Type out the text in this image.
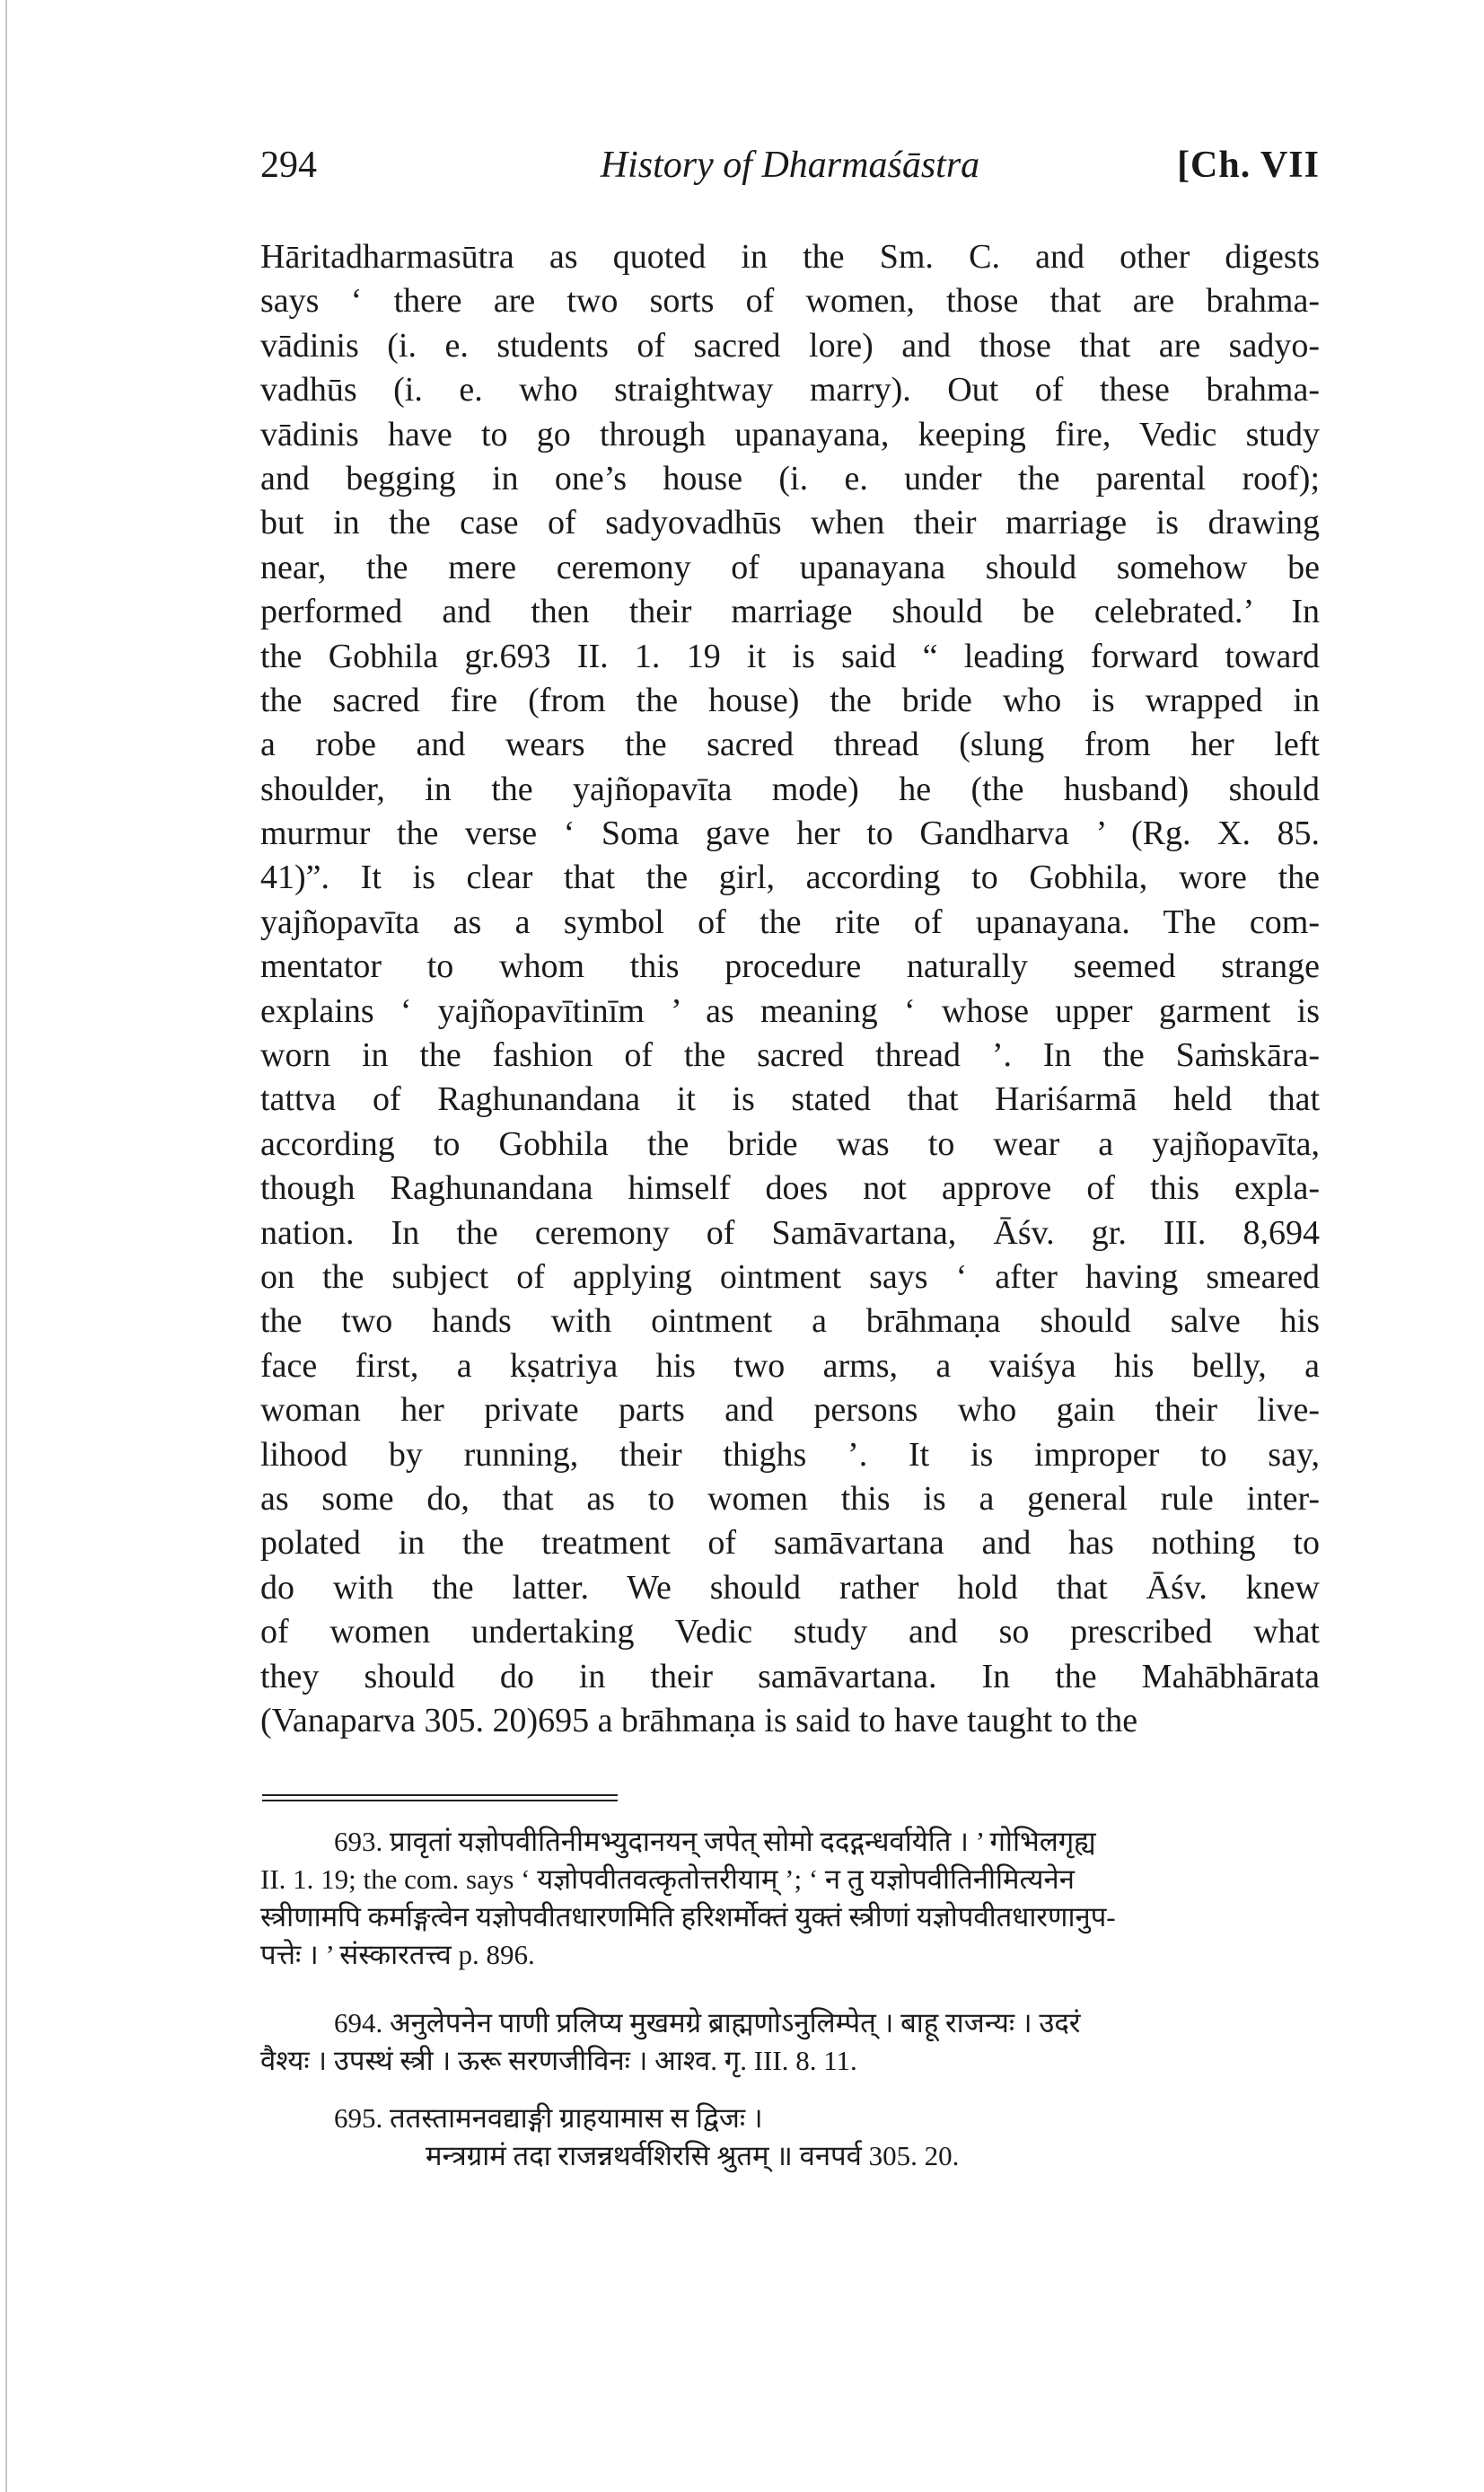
294	History of Dharmaśāstra	[Ch. VII
Hāritadharmasūtra as quoted in the Sm. C. and other digests
says ‘ there are two sorts of women, those that are brahma-
vādinis (i. e. students of sacred lore) and those that are sadyo-
vadhūs (i. e. who straightway marry). Out of these brahma-
vādinis have to go through upanayana, keeping fire, Vedic study
and begging in one’s house (i. e. under the parental roof);
but in the case of sadyovadhūs when their marriage is drawing
near, the mere ceremony of upanayana should somehow be
performed and then their marriage should be celebrated.’ In
the Gobhila gr.693 II. 1. 19 it is said “ leading forward toward
the sacred fire (from the house) the bride who is wrapped in
a robe and wears the sacred thread (slung from her left
shoulder, in the yajñopavīta mode) he (the husband) should
murmur the verse ‘ Soma gave her to Gandharva ’ (Rg. X. 85.
41)”. It is clear that the girl, according to Gobhila, wore the
yajñopavīta as a symbol of the rite of upanayana. The com-
mentator to whom this procedure naturally seemed strange
explains ‘ yajñopavītinīm ’ as meaning ‘ whose upper garment is
worn in the fashion of the sacred thread ’. In the Saṁskāra-
tattva of Raghunandana it is stated that Hariśarmā held that
according to Gobhila the bride was to wear a yajñopavīta,
though Raghunandana himself does not approve of this expla-
nation. In the ceremony of Samāvartana, Āśv. gr. III. 8,694
on the subject of applying ointment says ‘ after having smeared
the two hands with ointment a brāhmaṇa should salve his
face first, a kṣatriya his two arms, a vaiśya his belly, a
woman her private parts and persons who gain their live-
lihood by running, their thighs ’. It is improper to say,
as some do, that as to women this is a general rule inter-
polated in the treatment of samāvartana and has nothing to
do with the latter. We should rather hold that Āśv. knew
of women undertaking Vedic study and so prescribed what
they should do in their samāvartana. In the Mahābhārata
(Vanaparva 305. 20)695 a brāhmaṇa is said to have taught to the
693. प्रावृतां यज्ञोपवीतिनीमभ्युदानयन् जपेत् सोमो ददद्गन्धर्वायेति । ’ गोभिलगृह्य
II. 1. 19; the com. says ‘ यज्ञोपवीतवत्कृतोत्तरीयाम् ’; ‘ न तु यज्ञोपवीतिनीमित्यनेन
स्त्रीणामपि कर्माङ्गत्वेन यज्ञोपवीतधारणमिति हरिशर्मोक्तं युक्तं स्त्रीणां यज्ञोपवीतधारणानुप-
पत्तेः । ’ संस्कारतत्त्व p. 896.
694. अनुलेपनेन पाणी प्रलिप्य मुखमग्रे ब्राह्मणोऽनुलिम्पेत् । बाहू राजन्यः । उदरं
वैश्यः । उपस्थं स्त्री । ऊरू सरणजीविनः । आश्व. गृ. III. 8. 11.
695. ततस्तामनवद्याङ्गी ग्राहयामास स द्विजः ।
मन्त्रग्रामं तदा राजन्नथर्वशिरसि श्रुतम् ॥ वनपर्व 305. 20.
